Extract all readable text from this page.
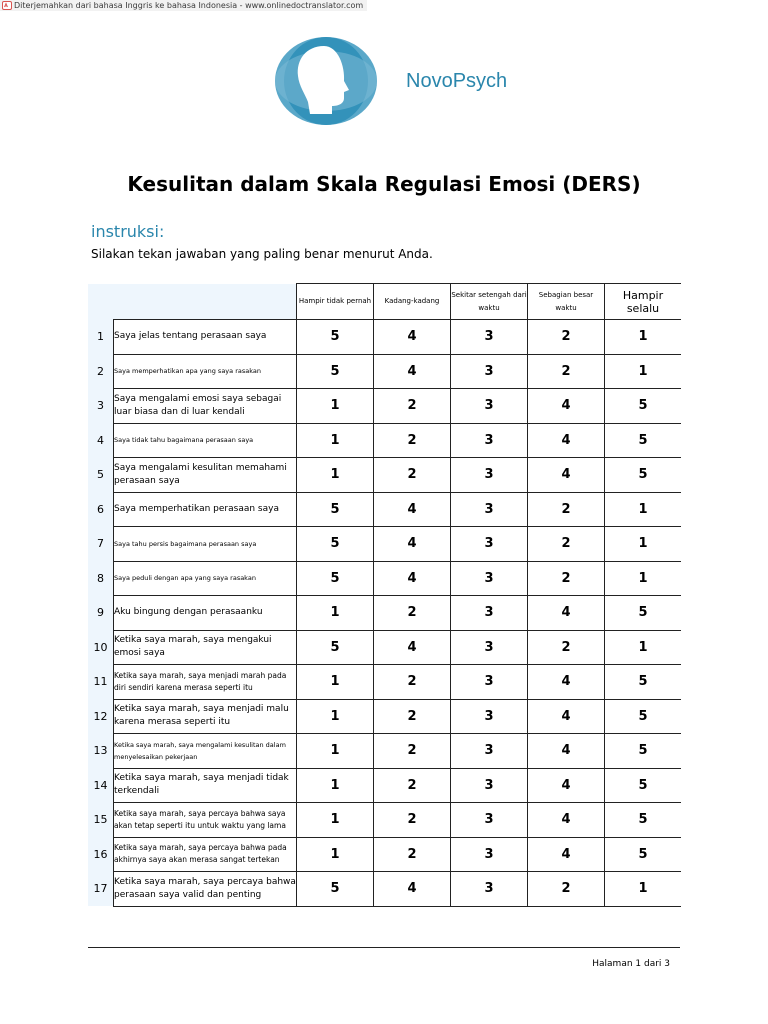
Diterjemahkan dari bahasa Inggris ke bahasa Indonesia - www.onlinedoctranslator.com
NovoPsych
Kesulitan dalam Skala Regulasi Emosi (DERS)
instruksi:
Silakan tekan jawaban yang paling benar menurut Anda.
		Hampir tidak pernah	Kadang-kadang	Sekitar setengah dari waktu	Sebagian besar waktu	Hampir selalu
1	Saya jelas tentang perasaan saya	5	4	3	2	1
2	Saya memperhatikan apa yang saya rasakan	5	4	3	2	1
3	Saya mengalami emosi saya sebagai luar biasa dan di luar kendali	1	2	3	4	5
4	Saya tidak tahu bagaimana perasaan saya	1	2	3	4	5
5	Saya mengalami kesulitan memahami perasaan saya	1	2	3	4	5
6	Saya memperhatikan perasaan saya	5	4	3	2	1
7	Saya tahu persis bagaimana perasaan saya	5	4	3	2	1
8	Saya peduli dengan apa yang saya rasakan	5	4	3	2	1
9	Aku bingung dengan perasaanku	1	2	3	4	5
10	Ketika saya marah, saya mengakui emosi saya	5	4	3	2	1
11	Ketika saya marah, saya menjadi marah pada diri sendiri karena merasa seperti itu	1	2	3	4	5
12	Ketika saya marah, saya menjadi malu karena merasa seperti itu	1	2	3	4	5
13	Ketika saya marah, saya mengalami kesulitan dalam menyelesaikan pekerjaan	1	2	3	4	5
14	Ketika saya marah, saya menjadi tidak terkendali	1	2	3	4	5
15	Ketika saya marah, saya percaya bahwa saya akan tetap seperti itu untuk waktu yang lama	1	2	3	4	5
16	Ketika saya marah, saya percaya bahwa pada akhirnya saya akan merasa sangat tertekan	1	2	3	4	5
17	Ketika saya marah, saya percaya bahwa perasaan saya valid dan penting	5	4	3	2	1
Halaman 1 dari 3
